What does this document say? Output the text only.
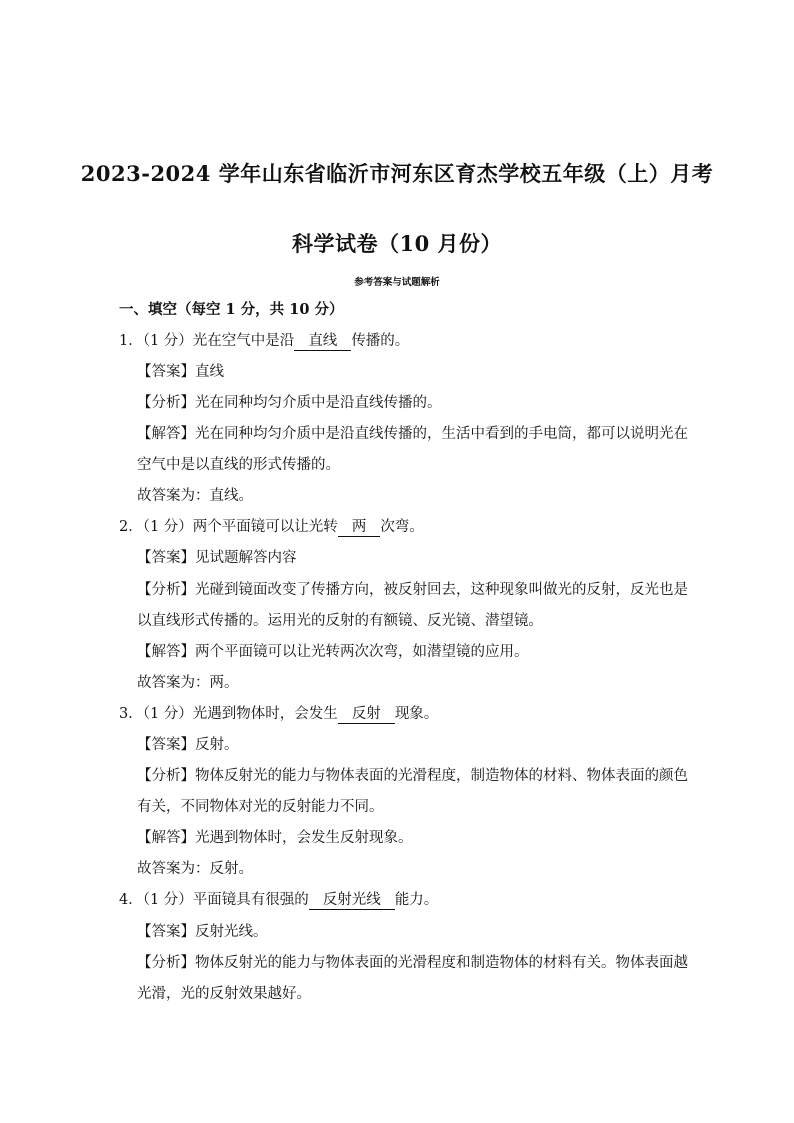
2023-2024 学年山东省临沂市河东区育杰学校五年级（上）月考
科学试卷（10 月份）
参考答案与试题解析
一、填空（每空 1 分，共 10 分）
1．（1 分）光在空气中是沿 直线 传播的。
【答案】直线
【分析】光在同种均匀介质中是沿直线传播的。
【解答】光在同种均匀介质中是沿直线传播的，生活中看到的手电筒，都可以说明光在
空气中是以直线的形式传播的。
故答案为：直线。
2．（1 分）两个平面镜可以让光转 两 次弯。
【答案】见试题解答内容
【分析】光碰到镜面改变了传播方向，被反射回去，这种现象叫做光的反射，反光也是
以直线形式传播的。运用光的反射的有额镜、反光镜、潜望镜。
【解答】两个平面镜可以让光转两次次弯，如潜望镜的应用。
故答案为：两。
3．（1 分）光遇到物体时，会发生 反射 现象。
【答案】反射。
【分析】物体反射光的能力与物体表面的光滑程度，制造物体的材料、物体表面的颜色
有关，不同物体对光的反射能力不同。
【解答】光遇到物体时，会发生反射现象。
故答案为：反射。
4．（1 分）平面镜具有很强的 反射光线 能力。
【答案】反射光线。
【分析】物体反射光的能力与物体表面的光滑程度和制造物体的材料有关。物体表面越
光滑，光的反射效果越好。
